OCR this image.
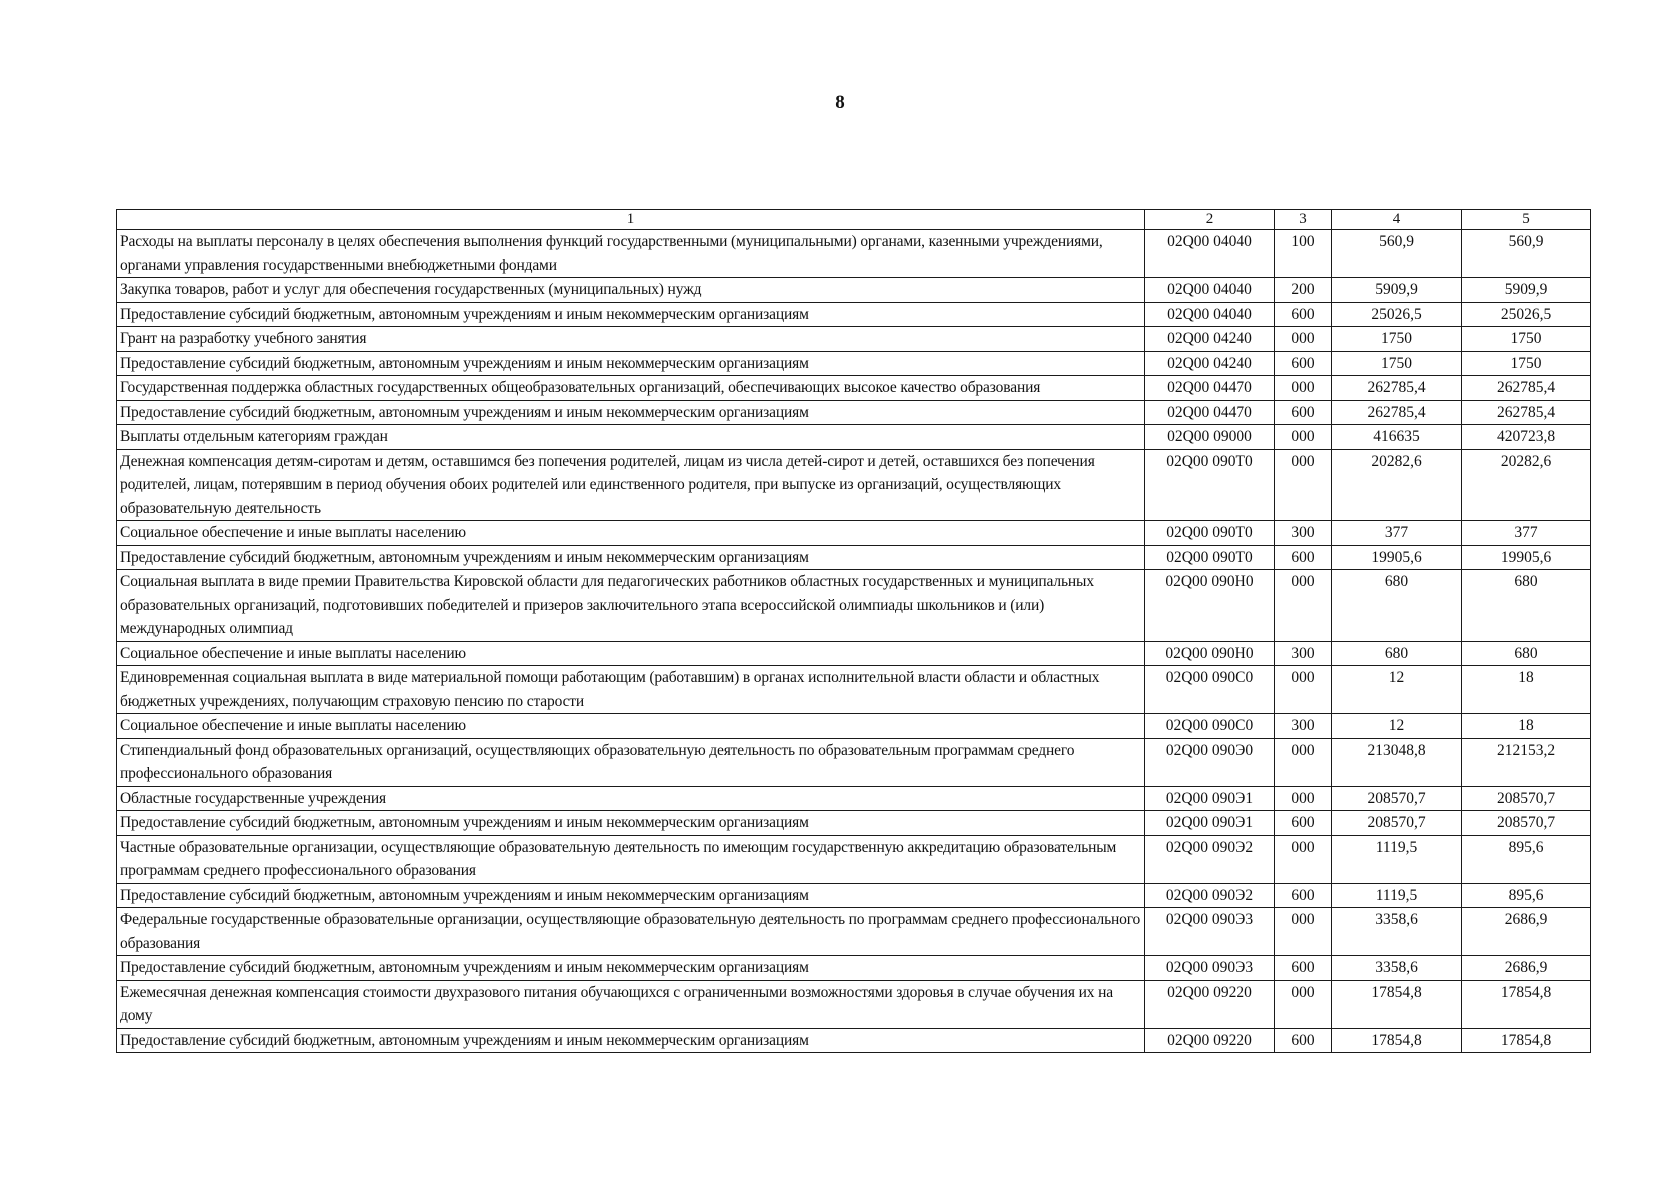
8
1	2	3	4	5
Расходы на выплаты персоналу в целях обеспечения выполнения функций государственными (муниципальными) органами, казенными учреждениями, органами управления государственными внебюджетными фондами	02Q00 04040	100	560,9	560,9
Закупка товаров, работ и услуг для обеспечения государственных (муниципальных) нужд	02Q00 04040	200	5909,9	5909,9
Предоставление субсидий бюджетным, автономным учреждениям и иным некоммерческим организациям	02Q00 04040	600	25026,5	25026,5
Грант на разработку учебного занятия	02Q00 04240	000	1750	1750
Предоставление субсидий бюджетным, автономным учреждениям и иным некоммерческим организациям	02Q00 04240	600	1750	1750
Государственная поддержка областных государственных общеобразовательных организаций, обеспечивающих высокое качество образования	02Q00 04470	000	262785,4	262785,4
Предоставление субсидий бюджетным, автономным учреждениям и иным некоммерческим организациям	02Q00 04470	600	262785,4	262785,4
Выплаты отдельным категориям граждан	02Q00 09000	000	416635	420723,8
Денежная компенсация детям-сиротам и детям, оставшимся без попечения родителей, лицам из числа детей-сирот и детей, оставшихся без попечения родителей, лицам, потерявшим в период обучения обоих родителей или единственного родителя, при выпуске из организаций, осуществляющих образовательную деятельность	02Q00 090T0	000	20282,6	20282,6
Социальное обеспечение и иные выплаты населению	02Q00 090T0	300	377	377
Предоставление субсидий бюджетным, автономным учреждениям и иным некоммерческим организациям	02Q00 090T0	600	19905,6	19905,6
Социальная выплата в виде премии Правительства Кировской области для педагогических работников областных государственных и муниципальных образовательных организаций, подготовивших победителей и призеров заключительного этапа всероссийской олимпиады школьников и (или) международных олимпиад	02Q00 090H0	000	680	680
Социальное обеспечение и иные выплаты населению	02Q00 090H0	300	680	680
Единовременная социальная выплата в виде материальной помощи работающим (работавшим) в органах исполнительной власти области и областных бюджетных учреждениях, получающим страховую пенсию по старости	02Q00 090C0	000	12	18
Социальное обеспечение и иные выплаты населению	02Q00 090C0	300	12	18
Стипендиальный фонд образовательных организаций, осуществляющих образовательную деятельность по образовательным программам среднего профессионального образования	02Q00 090Э0	000	213048,8	212153,2
Областные государственные учреждения	02Q00 090Э1	000	208570,7	208570,7
Предоставление субсидий бюджетным, автономным учреждениям и иным некоммерческим организациям	02Q00 090Э1	600	208570,7	208570,7
Частные образовательные организации, осуществляющие образовательную деятельность по имеющим государственную аккредитацию образовательным программам среднего профессионального образования	02Q00 090Э2	000	1119,5	895,6
Предоставление субсидий бюджетным, автономным учреждениям и иным некоммерческим организациям	02Q00 090Э2	600	1119,5	895,6
Федеральные государственные образовательные организации, осуществляющие образовательную деятельность по программам среднего профессионального образования	02Q00 090Э3	000	3358,6	2686,9
Предоставление субсидий бюджетным, автономным учреждениям и иным некоммерческим организациям	02Q00 090Э3	600	3358,6	2686,9
Ежемесячная денежная компенсация стоимости двухразового питания обучающихся с ограниченными возможностями здоровья в случае обучения их на дому	02Q00 09220	000	17854,8	17854,8
Предоставление субсидий бюджетным, автономным учреждениям и иным некоммерческим организациям	02Q00 09220	600	17854,8	17854,8
